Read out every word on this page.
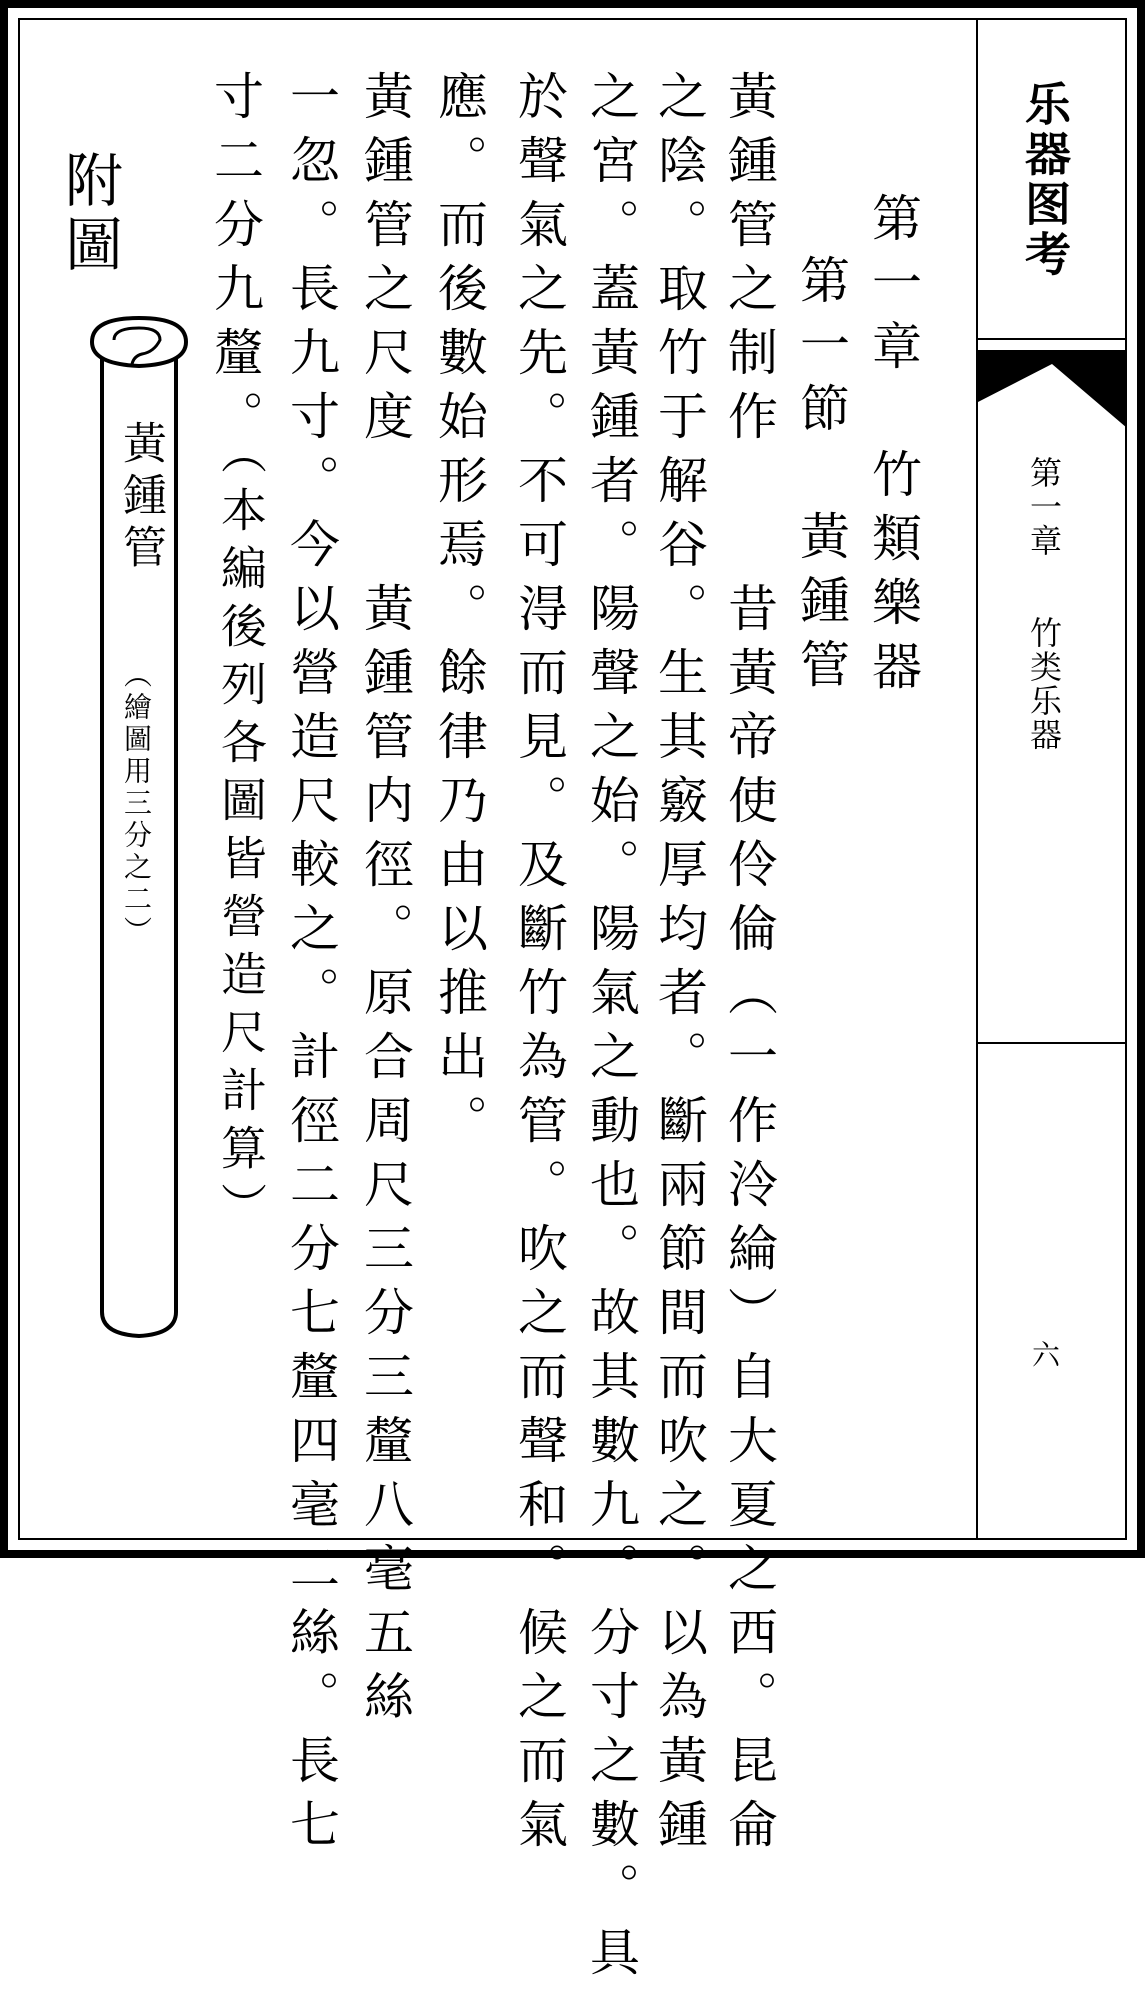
乐器图考
第一章
竹类乐器
六
第一章　竹類樂器
第一節　黃鍾管
黃鍾管之制作　　昔黃帝使伶倫（一作泠綸）自大夏之西。昆侖
之陰。取竹于解谷。生其竅厚均者。斷兩節間而吹之。以為黃鍾
之宮。蓋黃鍾者。陽聲之始。陽氣之動也。故其數九。分寸之數。具
於聲氣之先。不可淂而見。及斷竹為管。吹之而聲和。候之而氣
應。而後數始形焉。餘律乃由以推出。
黃鍾管之尺度　　黃鍾管内徑。原合周尺三分三釐八毫五絲
一忽。長九寸。今以營造尺較之。計徑二分七釐四毫二絲。長七
寸二分九釐。
（本編後列各圖皆營造尺計算）
附圖
黃鍾管
（繪圖用三分之二）
